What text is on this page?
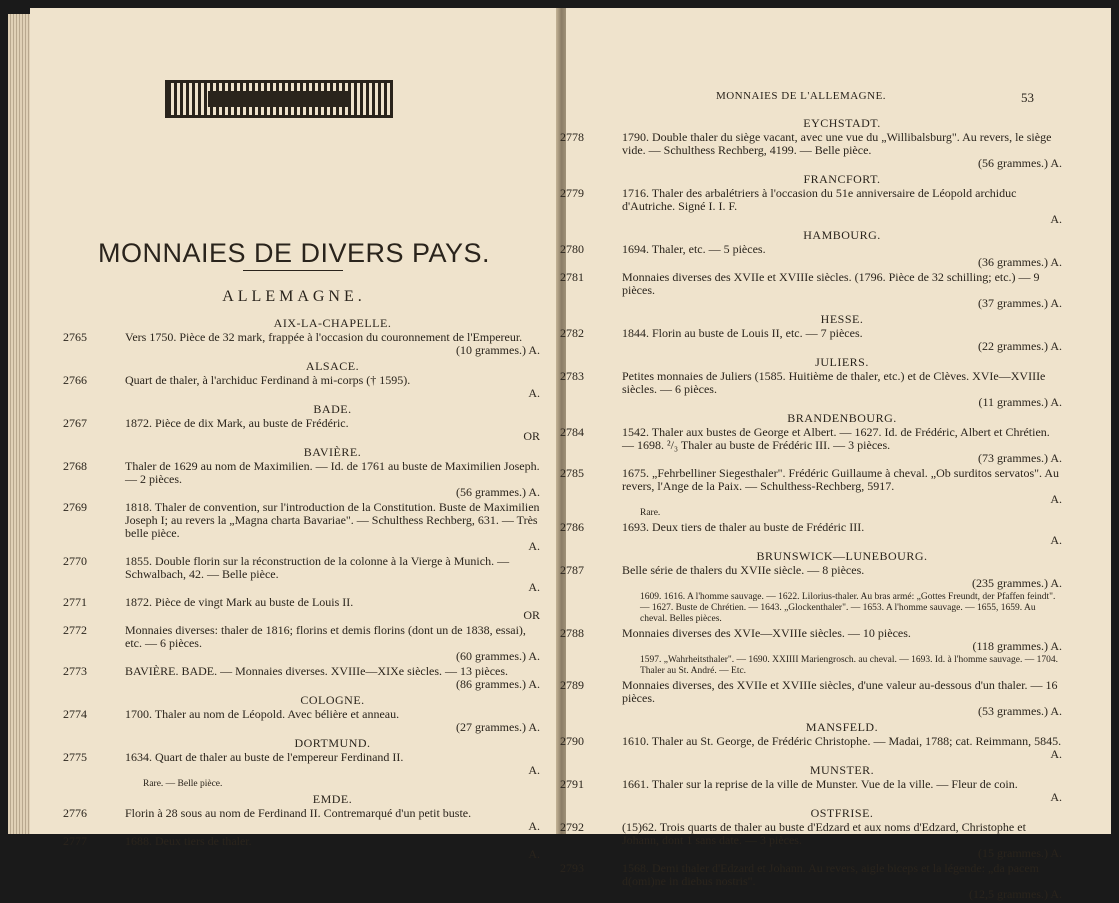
MONNAIES DE DIVERS PAYS.
ALLEMAGNE.
AIX-LA-CHAPELLE.
2765	Vers 1750. Pièce de 32 mark, frappée à l'occasion du couronnement de l'Empereur.
(10 grammes.) A.
ALSACE.
2766	Quart de thaler, à l'archiduc Ferdinand à mi-corps († 1595).
A.
BADE.
2767	1872. Pièce de dix Mark, au buste de Frédéric.
OR
BAVIÈRE.
2768	Thaler de 1629 au nom de Maximilien. — Id. de 1761 au buste de Maximilien Joseph. — 2 pièces.
(56 grammes.) A.
2769	1818. Thaler de convention, sur l'introduction de la Constitution. Buste de Maximilien Joseph I; au revers la „Magna charta Bavariae". — Schulthess Rechberg, 631. — Très belle pièce.
A.
2770	1855. Double florin sur la réconstruction de la colonne à la Vierge à Munich. — Schwalbach, 42. — Belle pièce.
A.
2771	1872. Pièce de vingt Mark au buste de Louis II.
OR
2772	Monnaies diverses: thaler de 1816; florins et demis florins (dont un de 1838, essai), etc. — 6 pièces.
(60 grammes.) A.
2773	BAVIÈRE. BADE. — Monnaies diverses. XVIIIe—XIXe siècles. — 13 pièces.
(86 grammes.) A.
COLOGNE.
2774	1700. Thaler au nom de Léopold. Avec bélière et anneau.
(27 grammes.) A.
DORTMUND.
2775	1634. Quart de thaler au buste de l'empereur Ferdinand II.
A.
Rare. — Belle pièce.
EMDE.
2776	Florin à 28 sous au nom de Ferdinand II. Contremarqué d'un petit buste.
A.
2777	1688. Deux tiers de thaler.
A.
MONNAIES DE L'ALLEMAGNE.	53
EYCHSTADT.
2778	1790. Double thaler du siège vacant, avec une vue du „Willibalsburg". Au revers, le siège vide. — Schulthess Rechberg, 4199. — Belle pièce.
(56 grammes.) A.
FRANCFORT.
2779	1716. Thaler des arbalétriers à l'occasion du 51e anniversaire de Léopold archiduc d'Autriche. Signé I. I. F.
A.
HAMBOURG.
2780	1694. Thaler, etc. — 5 pièces.
(36 grammes.) A.
2781	Monnaies diverses des XVIIe et XVIIIe siècles. (1796. Pièce de 32 schilling; etc.) — 9 pièces.
(37 grammes.) A.
HESSE.
2782	1844. Florin au buste de Louis II, etc. — 7 pièces.
(22 grammes.) A.
JULIERS.
2783	Petites monnaies de Juliers (1585. Huitième de thaler, etc.) et de Clèves. XVIe—XVIIIe siècles. — 6 pièces.
(11 grammes.) A.
BRANDENBOURG.
2784	1542. Thaler aux bustes de George et Albert. — 1627. Id. de Frédéric, Albert et Chrétien. — 1698. ²/₃ Thaler au buste de Frédéric III. — 3 pièces.
(73 grammes.) A.
2785	1675. „Fehrbelliner Siegesthaler". Frédéric Guillaume à cheval. „Ob surditos servatos". Au revers, l'Ange de la Paix. — Schulthess-Rechberg, 5917.
A.
Rare.
2786	1693. Deux tiers de thaler au buste de Frédéric III.
A.
BRUNSWICK—LUNEBOURG.
2787	Belle série de thalers du XVIIe siècle. — 8 pièces.
(235 grammes.) A.
1609. 1616. A l'homme sauvage. — 1622. Lilorius-thaler. Au bras armé: „Gottes Freundt, der Pfaffen feindt". — 1627. Buste de Chrétien. — 1643. „Glockenthaler". — 1653. A l'homme sauvage. — 1655, 1659. Au cheval. Belles pièces.
2788	Monnaies diverses des XVIe—XVIIIe siècles. — 10 pièces.
(118 grammes.) A.
1597. „Wahrheitsthaler". — 1690. XXIIII Mariengrosch. au cheval. — 1693. Id. à l'homme sauvage. — 1704. Thaler au St. André. — Etc.
2789	Monnaies diverses, des XVIIe et XVIIIe siècles, d'une valeur au-dessous d'un thaler. — 16 pièces.
(53 grammes.) A.
MANSFELD.
2790	1610. Thaler au St. George, de Frédéric Christophe. — Madai, 1788; cat. Reimmann, 5845.
A.
MUNSTER.
2791	1661. Thaler sur la reprise de la ville de Munster. Vue de la ville. — Fleur de coin.
A.
OSTFRISE.
2792	(15)62. Trois quarts de thaler au buste d'Edzard et aux noms d'Edzard, Christophe et Johann, dont 1 sans date. — 3 pièces.
(15 grammes.) A.
2793	1568. Demi thaler d'Edzard et Johann. Au revers, aigle biceps et la légende: „da pacem d(omi)ne in diebus nostris".
(12,5 grammes.) A.
